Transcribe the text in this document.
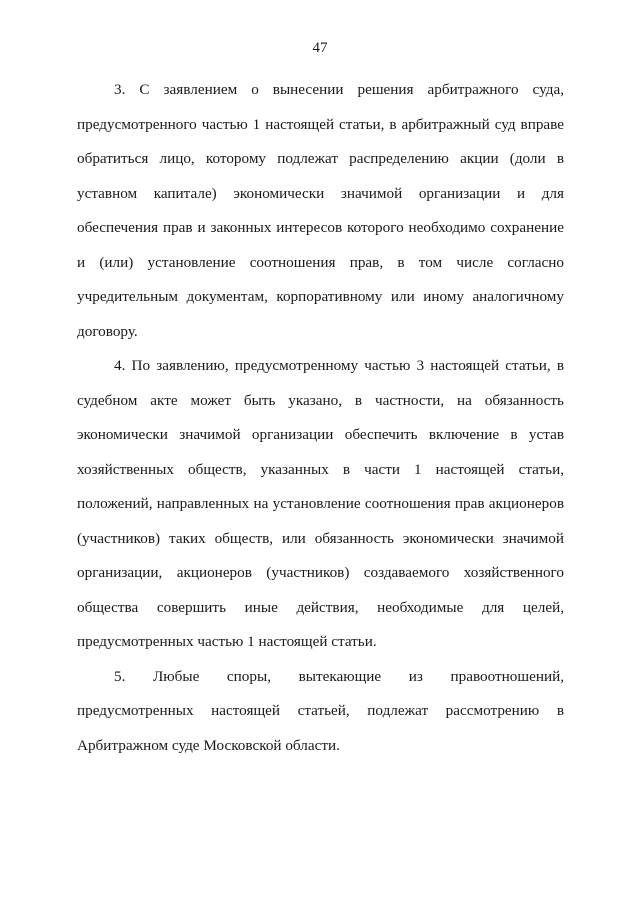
47

3. С заявлением о вынесении решения арбитражного суда, предусмотренного частью 1 настоящей статьи, в арбитражный суд вправе обратиться лицо, которому подлежат распределению акции (доли в уставном капитале) экономически значимой организации и для обеспечения прав и законных интересов которого необходимо сохранение и (или) установление соотношения прав, в том числе согласно учредительным документам, корпоративному или иному аналогичному договору.

4. По заявлению, предусмотренному частью 3 настоящей статьи, в судебном акте может быть указано, в частности, на обязанность экономически значимой организации обеспечить включение в устав хозяйственных обществ, указанных в части 1 настоящей статьи, положений, направленных на установление соотношения прав акционеров (участников) таких обществ, или обязанность экономически значимой организации, акционеров (участников) создаваемого хозяйственного общества совершить иные действия, необходимые для целей, предусмотренных частью 1 настоящей статьи.

5. Любые споры, вытекающие из правоотношений, предусмотренных настоящей статьей, подлежат рассмотрению в Арбитражном суде Московской области.
